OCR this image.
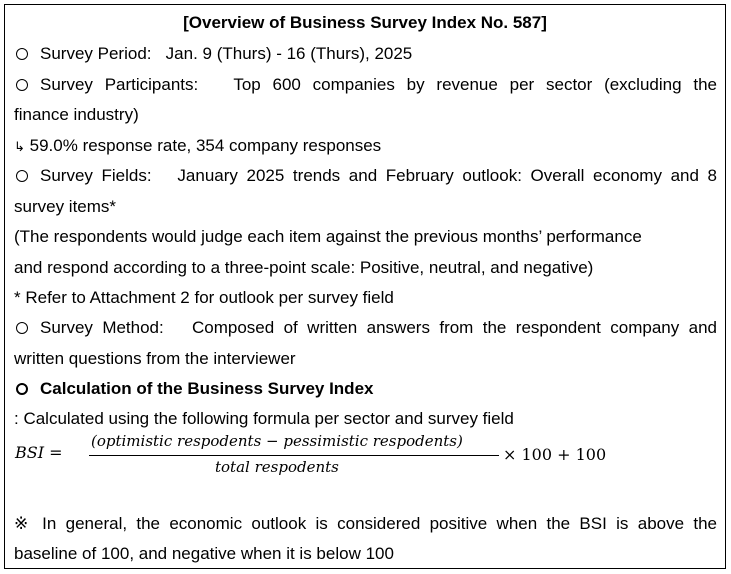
[Overview of Business Survey Index No. 587]
Survey Period: Jan. 9 (Thurs) - 16 (Thurs), 2025
Survey Participants: Top 600 companies by revenue per sector (excluding the
finance industry)
↳ 59.0% response rate, 354 company responses
Survey Fields: January 2025 trends and February outlook: Overall economy and 8
survey items*
(The respondents would judge each item against the previous months’ performance
and respond according to a three-point scale: Positive, neutral, and negative)
* Refer to Attachment 2 for outlook per survey field
Survey Method: Composed of written answers from the respondent company and
written questions from the interviewer
Calculation of the Business Survey Index
: Calculated using the following formula per sector and survey field
BSI =
(optimistic respodents − pessimistic respodents)
total respodents
× 100 + 100
※ In general, the economic outlook is considered positive when the BSI is above the
baseline of 100, and negative when it is below 100
